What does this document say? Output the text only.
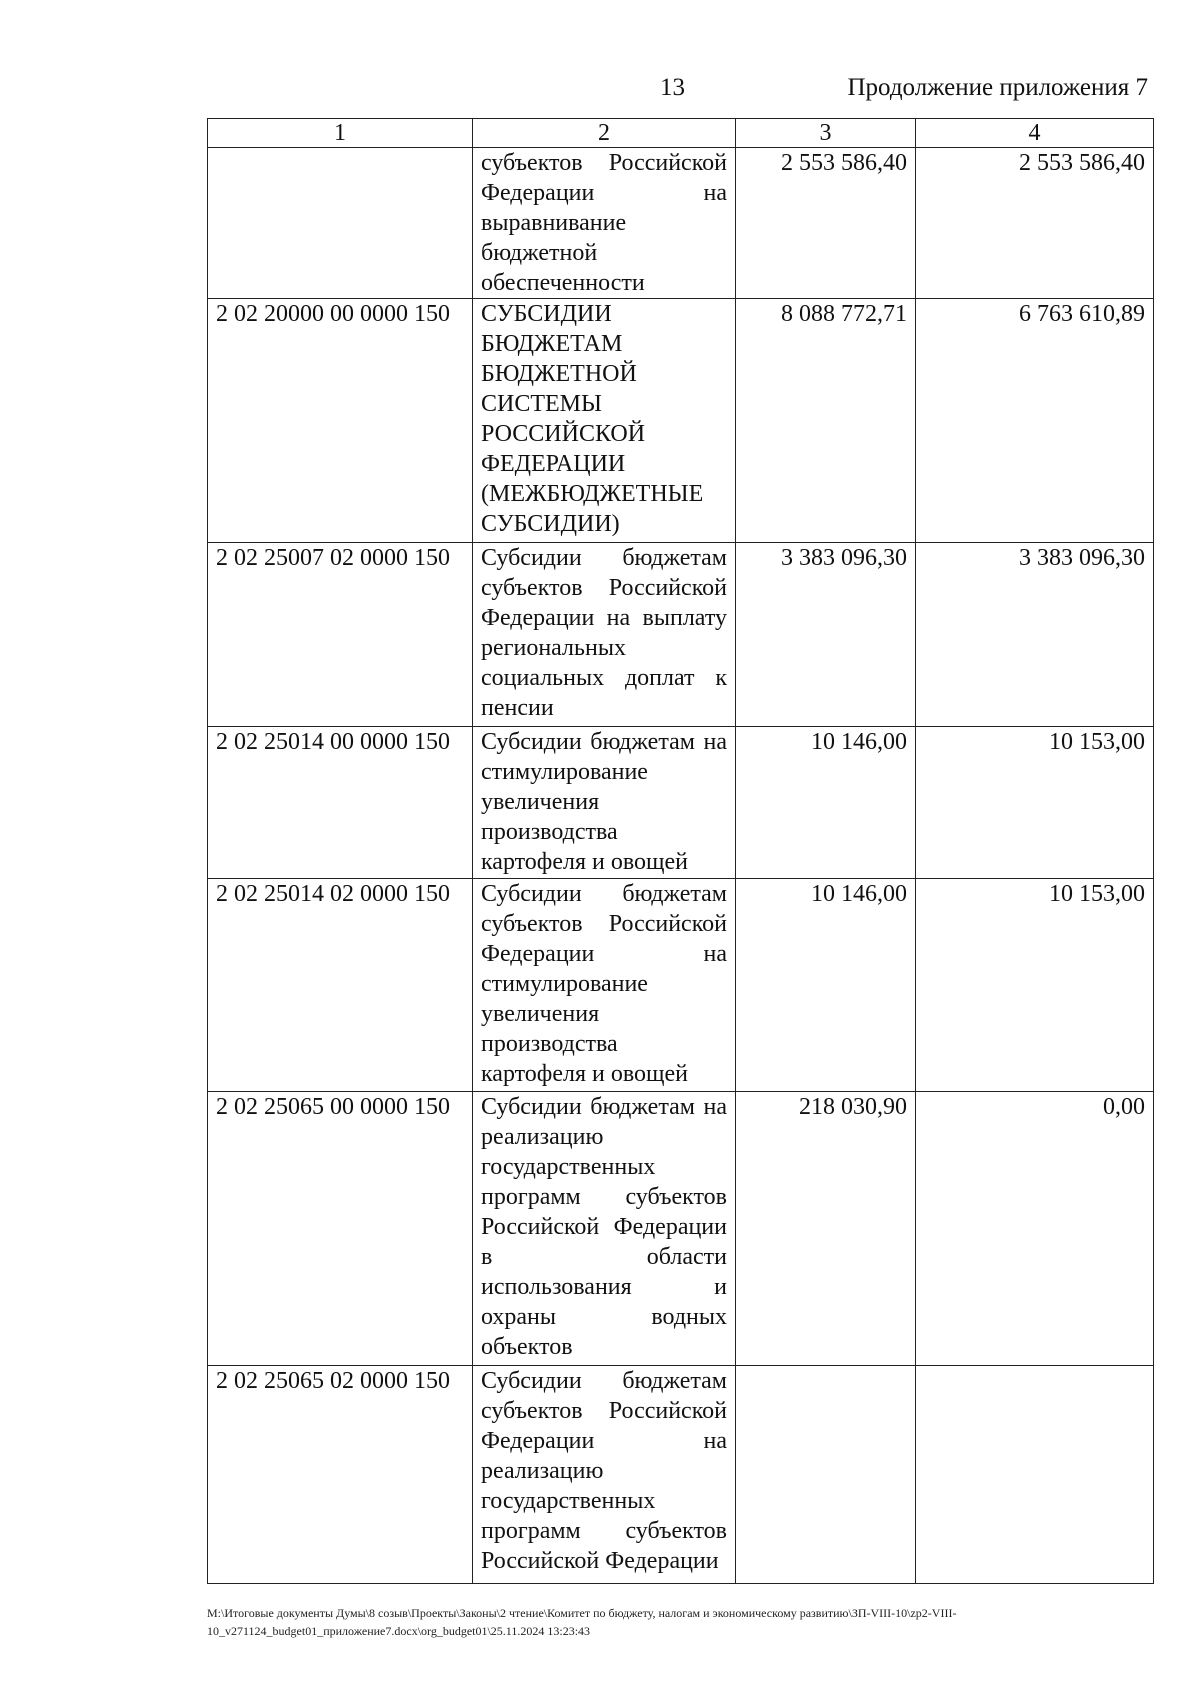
13	Продолжение приложения 7
1	2	3	4
	субъектов Российской Федерации на выравнивание бюджетной обеспеченности	2 553 586,40	2 553 586,40
2 02 20000 00 0000 150	СУБСИДИИ БЮДЖЕТАМ БЮДЖЕТНОЙ СИСТЕМЫ РОССИЙСКОЙ ФЕДЕРАЦИИ (МЕЖБЮДЖЕТНЫЕ СУБСИДИИ)	8 088 772,71	6 763 610,89
2 02 25007 02 0000 150	Субсидии бюджетам субъектов Российской Федерации на выплату региональных социальных доплат к пенсии	3 383 096,30	3 383 096,30
2 02 25014 00 0000 150	Субсидии бюджетам на стимулирование увеличения производства картофеля и овощей	10 146,00	10 153,00
2 02 25014 02 0000 150	Субсидии бюджетам субъектов Российской Федерации на стимулирование увеличения производства картофеля и овощей	10 146,00	10 153,00
2 02 25065 00 0000 150	Субсидии бюджетам на реализацию государственных программ субъектов Российской Федерации в области использования и охраны водных объектов	218 030,90	0,00
2 02 25065 02 0000 150	Субсидии бюджетам субъектов Российской Федерации на реализацию государственных программ субъектов Российской Федерации		
M:\Итоговые документы Думы\8 созыв\Проекты\Законы\2 чтение\Комитет по бюджету, налогам и экономическому развитию\ЗП-VIII-10\zp2-VIII-10_v271124_budget01_приложение7.docx\org_budget01\25.11.2024 13:23:43
